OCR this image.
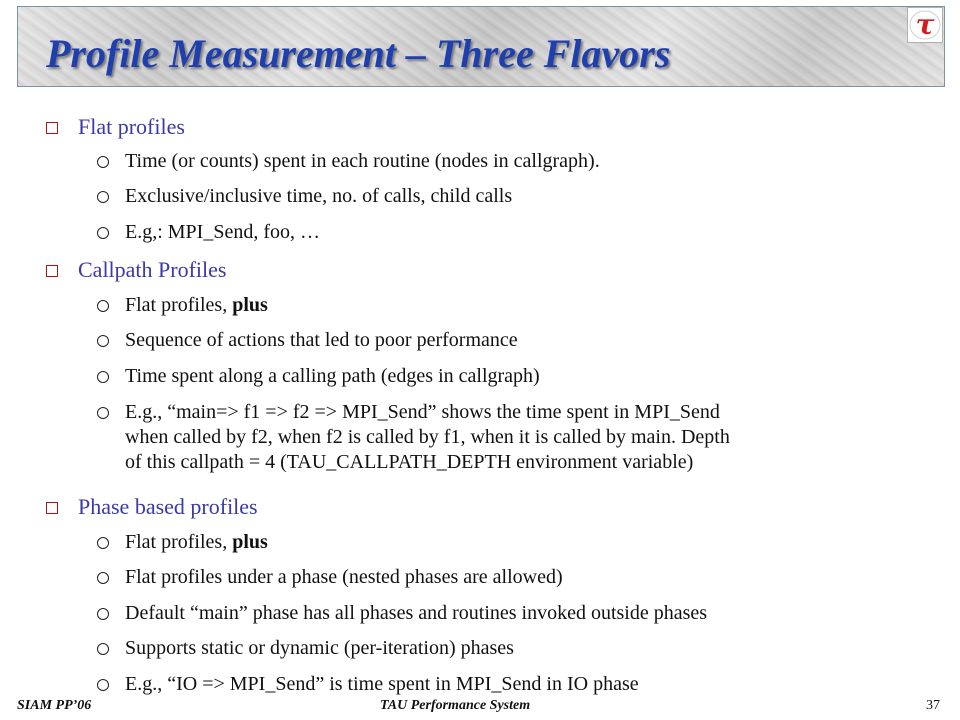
Profile Measurement – Three Flavors
τ
Flat profiles
Time (or counts) spent in each routine (nodes in callgraph).
Exclusive/inclusive time, no. of calls, child calls
E.g,: MPI_Send, foo, …
Callpath Profiles
Flat profiles, plus
Sequence of actions that led to poor performance
Time spent along a calling path (edges in callgraph)
E.g., “main=> f1 => f2 => MPI_Send” shows the time spent in MPI_Send
when called by f2, when f2 is called by f1, when it is called by main. Depth
of this callpath = 4 (TAU_CALLPATH_DEPTH environment variable)
Phase based profiles
Flat profiles, plus
Flat profiles under a phase (nested phases are allowed)
Default “main” phase has all phases and routines invoked outside phases
Supports static or dynamic (per-iteration) phases
E.g., “IO => MPI_Send” is time spent in MPI_Send in IO phase
SIAM PP’06	TAU Performance System	37
